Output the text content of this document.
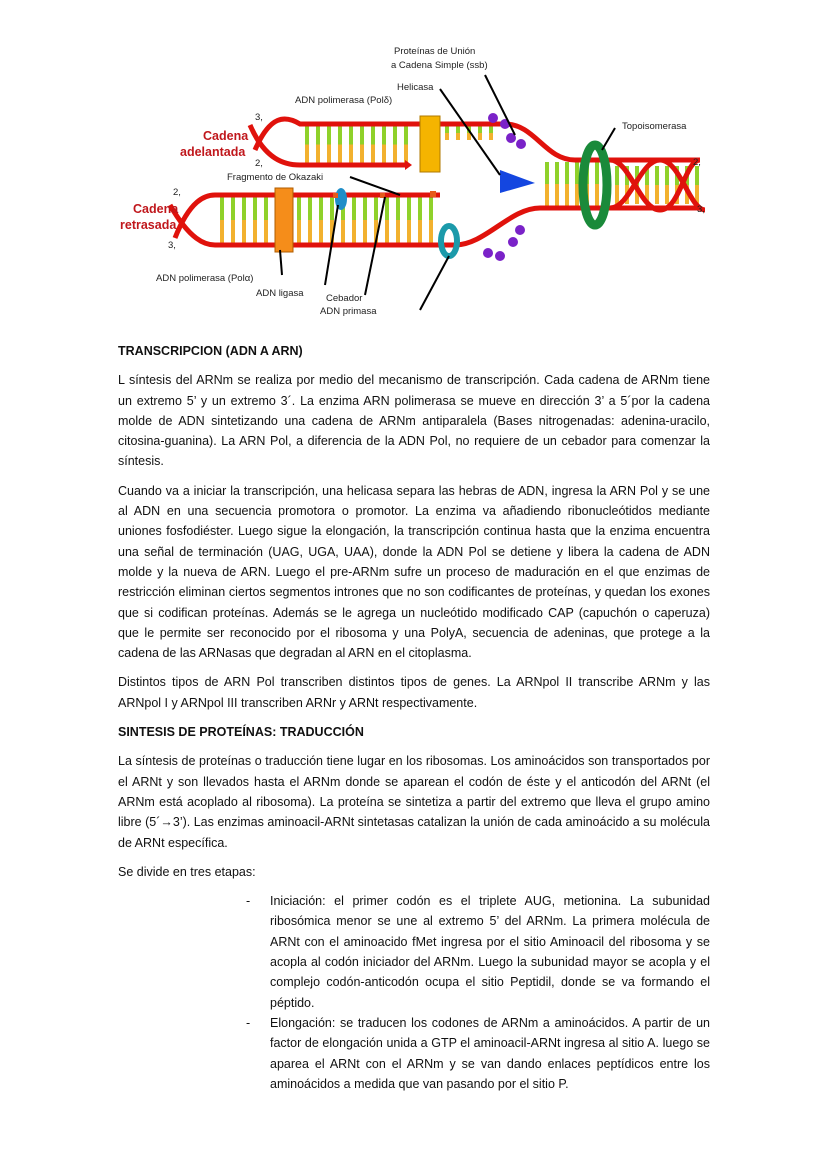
Proteínas de Unión
a Cadena Simple (ssb)
Helicasa
ADN polimerasa (Polδ)
Topoisomerasa
Fragmento de Okazaki
ADN polimerasa (Polα)
ADN ligasa Cebador
ADN primasa
Cadena
adelantada
Cadena
retrasada
3,
2,
2,
3,
2,
3,
TRANSCRIPCION (ADN A ARN)

L síntesis del ARNm se realiza por medio del mecanismo de transcripción. Cada cadena de ARNm tiene un extremo 5’ y un extremo 3´. La enzima ARN polimerasa se mueve en dirección 3’ a 5´por la cadena molde de ADN sintetizando una cadena de ARNm antiparalela (Bases nitrogenadas: adenina-uracilo, citosina-guanina). La ARN Pol, a diferencia de la ADN Pol, no requiere de un cebador para comenzar la síntesis.

Cuando va a iniciar la transcripción, una helicasa separa las hebras de ADN, ingresa la ARN Pol y se une al ADN en una secuencia promotora o promotor. La enzima va añadiendo ribonucleótidos mediante uniones fosfodiéster. Luego sigue la elongación, la transcripción continua hasta que la enzima encuentra una señal de terminación (UAG, UGA, UAA), donde la ADN Pol se detiene y libera la cadena de ADN molde y la nueva de ARN. Luego el pre-ARNm sufre un proceso de maduración en el que enzimas de restricción eliminan ciertos segmentos intrones que no son codificantes de proteínas, y quedan los exones que si codifican proteínas. Además se le agrega un nucleótido modificado CAP (capuchón o caperuza) que le permite ser reconocido por el ribosoma y una PolyA, secuencia de adeninas, que protege a la cadena de las ARNasas que degradan al ARN en el citoplasma.

Distintos tipos de ARN Pol transcriben distintos tipos de genes. La ARNpol II transcribe ARNm y las ARNpol I y ARNpol III transcriben ARNr y ARNt respectivamente.

SINTESIS DE PROTEÍNAS: TRADUCCIÓN

La síntesis de proteínas o traducción tiene lugar en los ribosomas. Los aminoácidos son transportados por el ARNt y son llevados hasta el ARNm donde se aparean el codón de éste y el anticodón del ARNt (el ARNm está acoplado al ribosoma). La proteína se sintetiza a partir del extremo que lleva el grupo amino libre (5´→3’). Las enzimas aminoacil-ARNt sintetasas catalizan la unión de cada aminoácido a su molécula de ARNt específica.

Se divide en tres etapas:

- Iniciación: el primer codón es el triplete AUG, metionina. La subunidad ribosómica menor se une al extremo 5’ del ARNm. La primera molécula de ARNt con el aminoacido fMet ingresa por el sitio Aminoacil del ribosoma y se acopla al codón iniciador del ARNm. Luego la subunidad mayor se acopla y el complejo codón-anticodón ocupa el sitio Peptidil, donde se va formando el péptido.
- Elongación: se traducen los codones de ARNm a aminoácidos. A partir de un factor de elongación unida a GTP el aminoacil-ARNt ingresa al sitio A. luego se aparea el ARNt con el ARNm y se van dando enlaces peptídicos entre los aminoácidos a medida que van pasando por el sitio P.
